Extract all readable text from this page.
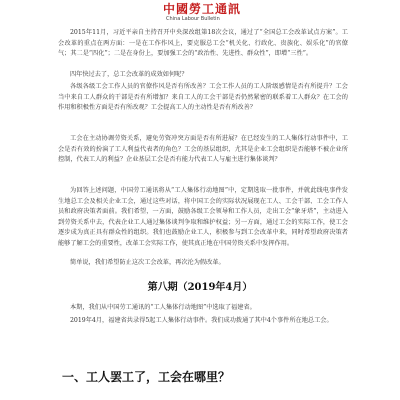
中國勞工通訊
China Labour Bulletin

2015年11月，习近平亲自主持召开中央深改组第18次会议，通过了“全国总工会改革试点方案”。工会改革的重点在两方面：一是在工作作风上，要克服总工会“机关化、行政化、贵族化、娱乐化”的官僚气；其二是“四化”；二是在身份上，要加强工会的“政治性、先进性、群众性”，即增“三性”。

四年快过去了，总工会改革的成效如何呢？

各级各级工会工作人员的官僚作风是否有所改善？工会工作人员的工人阶级感情是否有所提升？工会当中来自工人群众的干部是否有所增加？来自工人的工会干部是否仍然紧密的联系着工人群众？在工会的作用和积极性方面是否有所改观？工会提高工人的主动性是否有所改善？

工会在主动协调劳资关系，避免劳资冲突方面是否有所进展？在已经发生的工人集体行动事件中，工会是否有效的扮演了工人利益代表者的角色？工会的基层组织，尤其是企业工会组织是否能够不被企业所控制，代表工人的利益？企业基层工会是否有能力代表工人与雇主进行集体谈判？

为回答上述问题，中国劳工通讯将从“工人集体行动地图”中，定期选取一批事件，并就此线电事件发生地总工会及相关企业工会，通过这些对话，将中国工会的实际状况展现在工人、工会干部、工会工作人员和政府决策者面前。我们希望，一方面，鼓励各级工会领导和工作人员，走出工会“象牙塔”，主动进入到劳资关系中去，代表企业工人通过集体谈判争取和维护权益；另一方面，通过工会的实际工作，使工会逐步成为真正具有群众性的组织。我们也鼓励企业工人，积极参与到工会改革中来，同时希望政府决策者能够了解工会的重要性，改革工会实际工作，使其真正地在中国劳资关系中发挥作用。

简单说，我们希望防止这次工会改革，再次沦为假改革。

第八期（2019年4月）

本期，我们从中国劳工通讯的“工人集体行动地图”中选取了福建省。

2019年4月，福建省共录得5起工人集体行动事件。我们成功拨通了其中4个事件所在地总工会。

一、工人罢工了，工会在哪里？
